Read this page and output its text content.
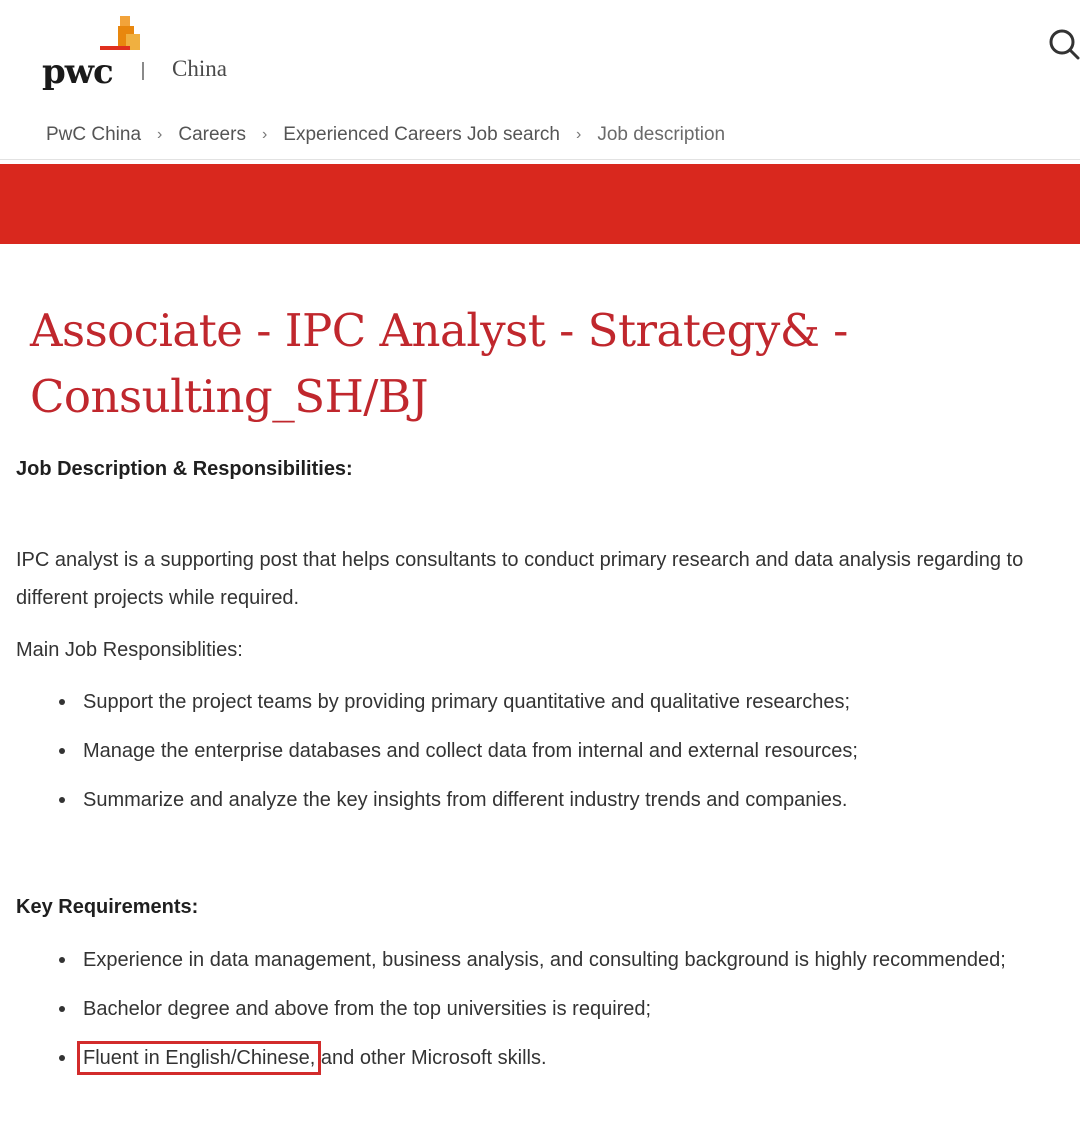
pwc	China
PwC China › Careers › Experienced Careers Job search › Job description
Associate - IPC Analyst - Strategy& - Consulting_SH/BJ
Job Description & Responsibilities:

IPC analyst is a supporting post that helps consultants to conduct primary research and data analysis regarding to different projects while required.

Main Job Responsiblities:

Support the project teams by providing primary quantitative and qualitative researches;
Manage the enterprise databases and collect data from internal and external resources;
Summarize and analyze the key insights from different industry trends and companies.
Key Requirements:
Experience in data management, business analysis, and consulting background is highly recommended;
Bachelor degree and above from the top universities is required;
Fluent in English/Chinese, and other Microsoft skills.
